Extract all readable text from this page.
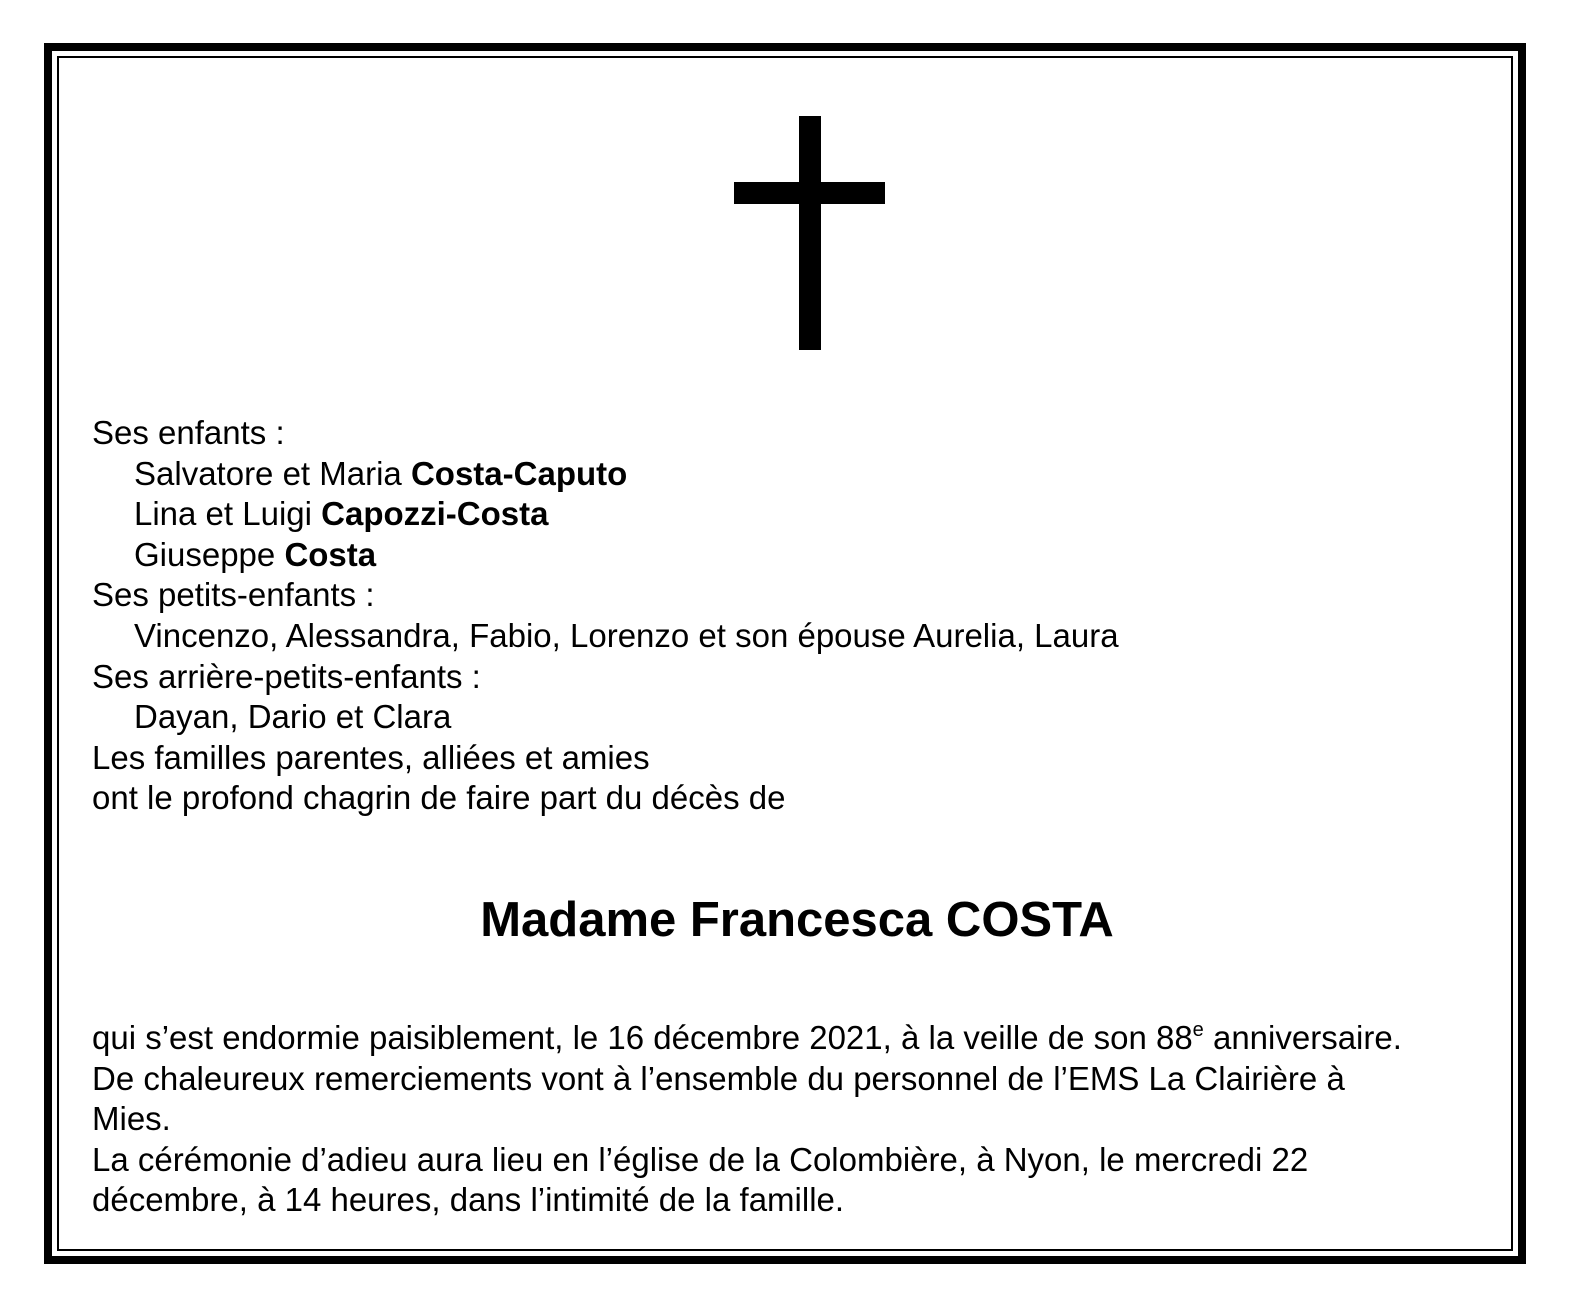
Ses enfants :
Salvatore et Maria Costa-Caputo
Lina et Luigi Capozzi-Costa
Giuseppe Costa
Ses petits-enfants :
Vincenzo, Alessandra, Fabio, Lorenzo et son épouse Aurelia, Laura
Ses arrière-petits-enfants :
Dayan, Dario et Clara
Les familles parentes, alliées et amies
ont le profond chagrin de faire part du décès de
Madame Francesca COSTA
qui s’est endormie paisiblement, le 16 décembre 2021, à la veille de son 88e anniversaire.
De chaleureux remerciements vont à l’ensemble du personnel de l’EMS La Clairière à
Mies.
La cérémonie d’adieu aura lieu en l’église de la Colombière, à Nyon, le mercredi 22
décembre, à 14 heures, dans l’intimité de la famille.
